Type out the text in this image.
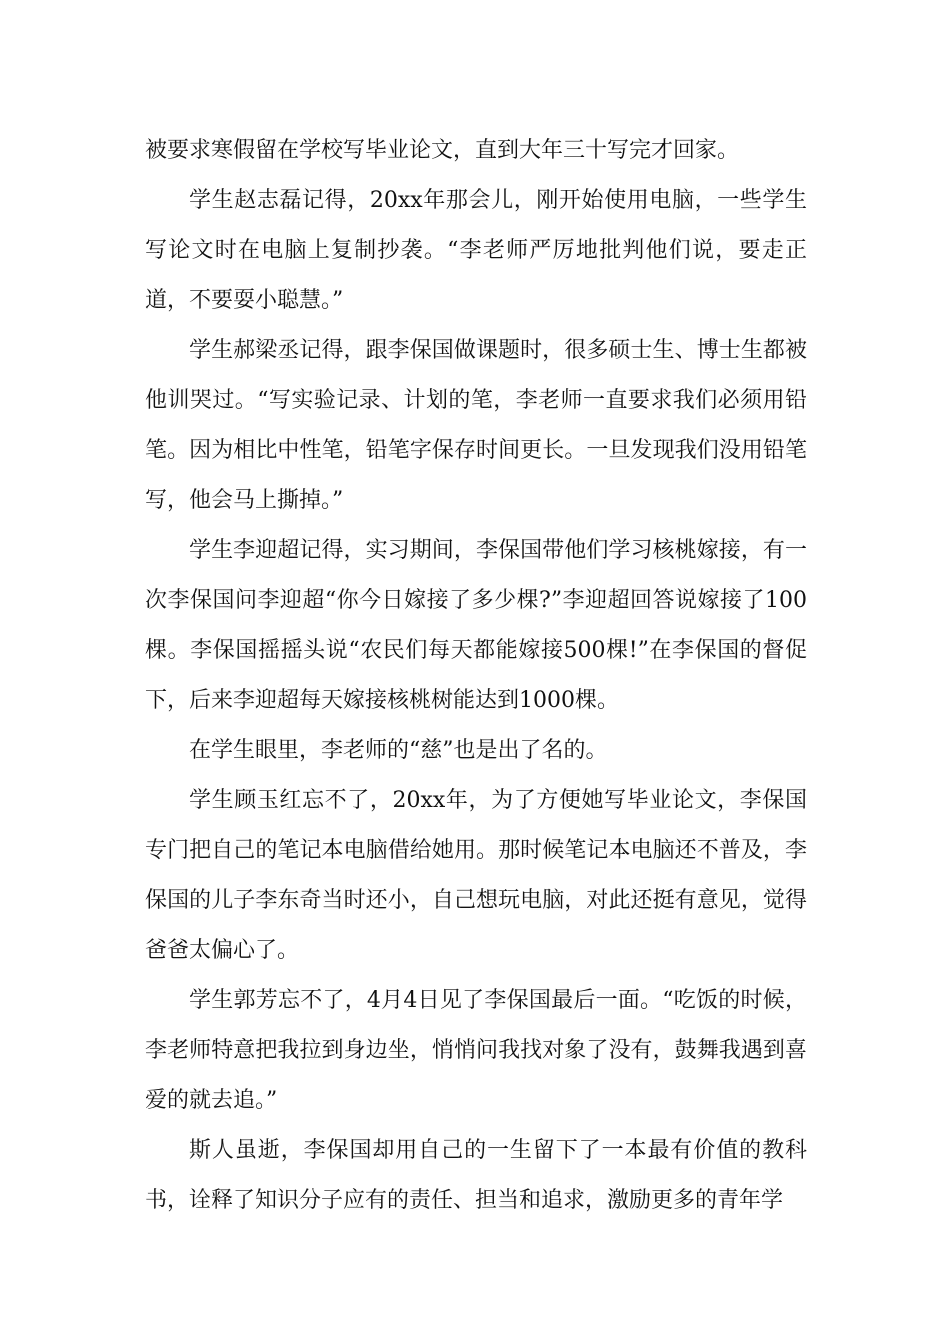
被要求寒假留在学校写毕业论文，直到大年三十写完才回家。

学生赵志磊记得，20xx年那会儿，刚开始使用电脑，一些学生写论文时在电脑上复制抄袭。“李老师严厉地批判他们说，要走正道，不要耍小聪慧。”

学生郝梁丞记得，跟李保国做课题时，很多硕士生、博士生都被他训哭过。“写实验记录、计划的笔，李老师一直要求我们必须用铅笔。因为相比中性笔，铅笔字保存时间更长。一旦发现我们没用铅笔写，他会马上撕掉。”

学生李迎超记得，实习期间，李保国带他们学习核桃嫁接，有一次李保国问李迎超“你今日嫁接了多少棵?”李迎超回答说嫁接了100棵。李保国摇摇头说“农民们每天都能嫁接500棵!”在李保国的督促下，后来李迎超每天嫁接核桃树能达到1000棵。

在学生眼里，李老师的“慈”也是出了名的。

学生顾玉红忘不了，20xx年，为了方便她写毕业论文，李保国专门把自己的笔记本电脑借给她用。那时候笔记本电脑还不普及，李保国的儿子李东奇当时还小，自己想玩电脑，对此还挺有意见，觉得爸爸太偏心了。

学生郭芳忘不了，4月4日见了李保国最后一面。“吃饭的时候，李老师特意把我拉到身边坐，悄悄问我找对象了没有，鼓舞我遇到喜爱的就去追。”

斯人虽逝，李保国却用自己的一生留下了一本最有价值的教科书，诠释了知识分子应有的责任、担当和追求，激励更多的青年学
